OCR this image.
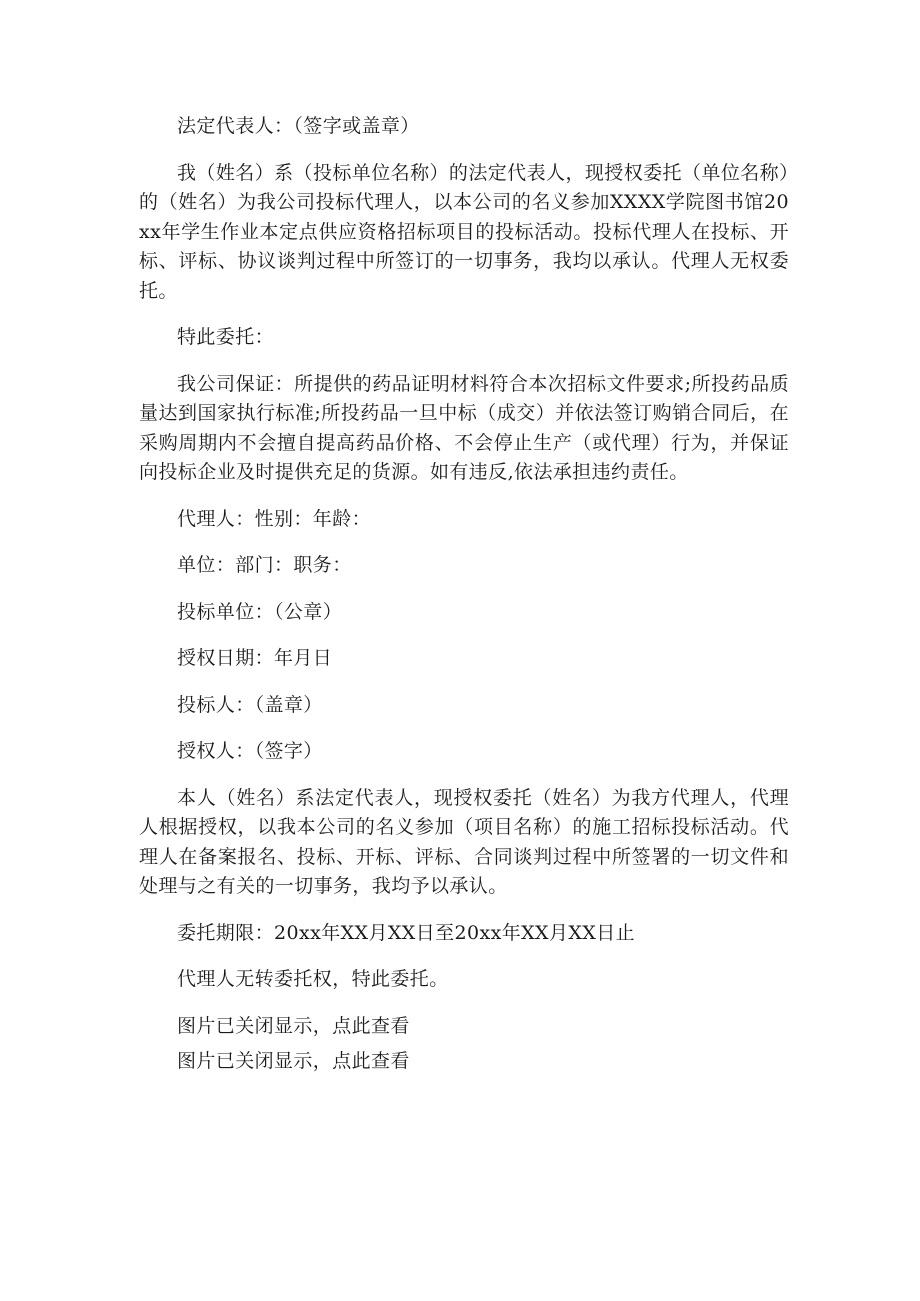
法定代表人：（签字或盖章）

我（姓名）系（投标单位名称）的法定代表人，现授权委托（单位名称）的（姓名）为我公司投标代理人，以本公司的名义参加XXXX学院图书馆20xx年学生作业本定点供应资格招标项目的投标活动。投标代理人在投标、开标、评标、协议谈判过程中所签订的一切事务，我均以承认。代理人无权委托。

特此委托：

我公司保证：所提供的药品证明材料符合本次招标文件要求;所投药品质量达到国家执行标准;所投药品一旦中标（成交）并依法签订购销合同后，在采购周期内不会擅自提高药品价格、不会停止生产（或代理）行为，并保证向投标企业及时提供充足的货源。如有违反,依法承担违约责任。

代理人：性别：年龄：

单位：部门：职务：

投标单位：（公章）

授权日期：年月日

投标人：（盖章）

授权人：（签字）

本人（姓名）系法定代表人，现授权委托（姓名）为我方代理人，代理人根据授权，以我本公司的名义参加（项目名称）的施工招标投标活动。代理人在备案报名、投标、开标、评标、合同谈判过程中所签署的一切文件和处理与之有关的一切事务，我均予以承认。

委托期限：20xx年XX月XX日至20xx年XX月XX日止

代理人无转委托权，特此委托。

图片已关闭显示，点此查看

图片已关闭显示，点此查看
